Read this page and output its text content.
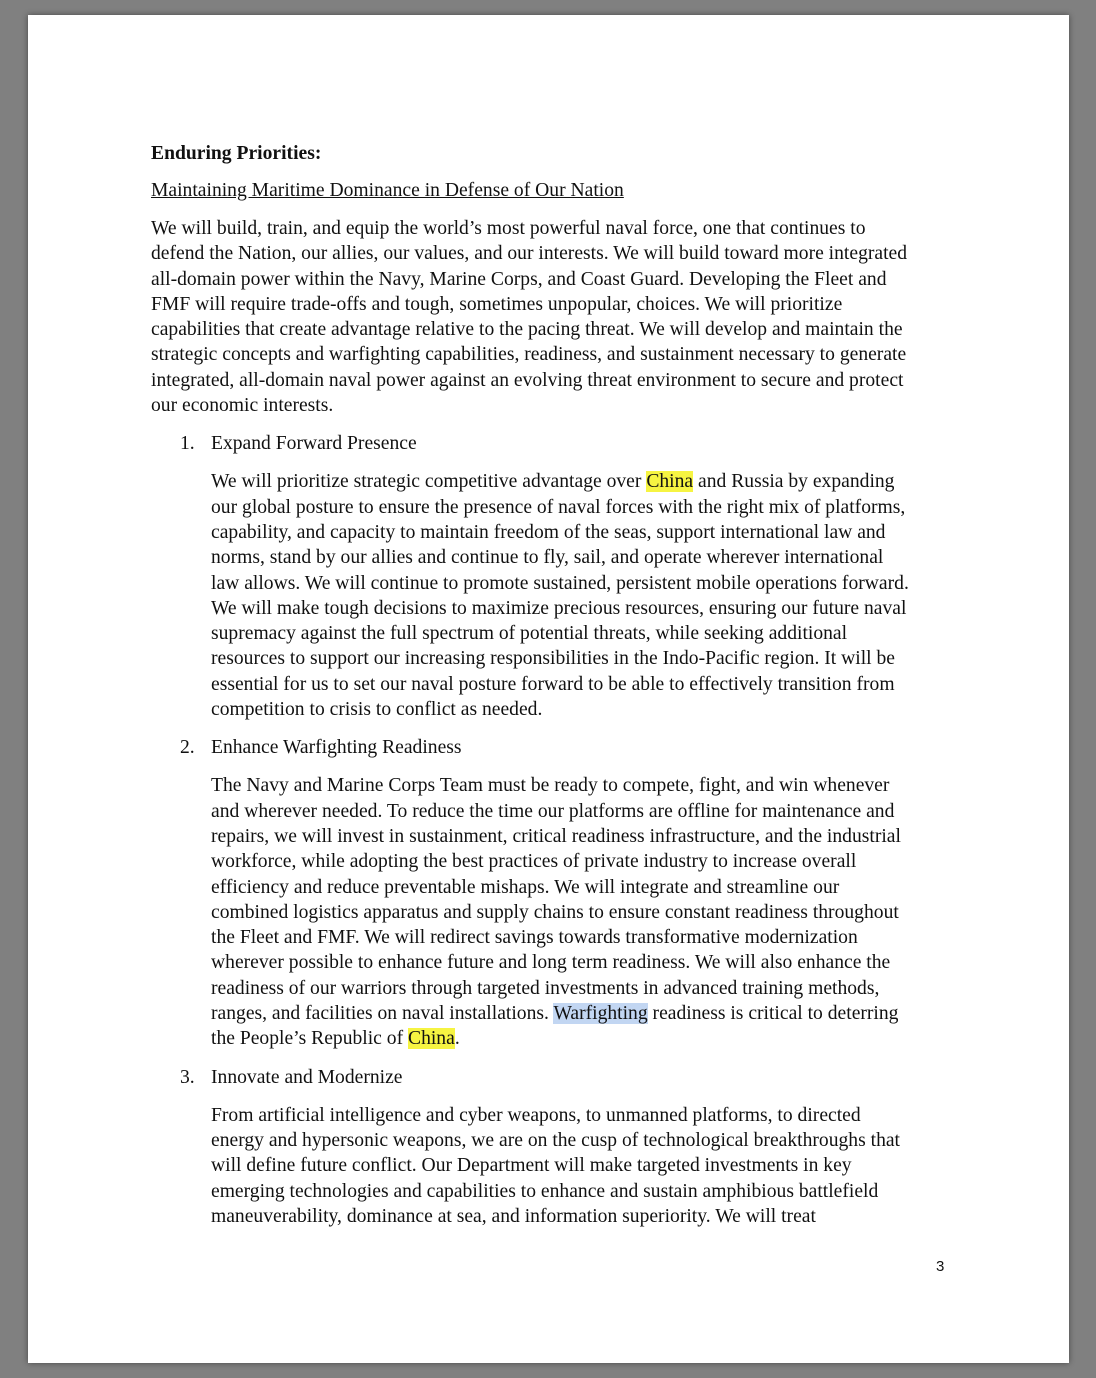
Enduring Priorities:
Maintaining Maritime Dominance in Defense of Our Nation
We will build, train, and equip the world’s most powerful naval force, one that continues to
defend the Nation, our allies, our values, and our interests. We will build toward more integrated
all-domain power within the Navy, Marine Corps, and Coast Guard. Developing the Fleet and
FMF will require trade-offs and tough, sometimes unpopular, choices. We will prioritize
capabilities that create advantage relative to the pacing threat. We will develop and maintain the
strategic concepts and warfighting capabilities, readiness, and sustainment necessary to generate
integrated, all-domain naval power against an evolving threat environment to secure and protect
our economic interests.
1. Expand Forward Presence
We will prioritize strategic competitive advantage over China and Russia by expanding
our global posture to ensure the presence of naval forces with the right mix of platforms,
capability, and capacity to maintain freedom of the seas, support international law and
norms, stand by our allies and continue to fly, sail, and operate wherever international
law allows. We will continue to promote sustained, persistent mobile operations forward.
We will make tough decisions to maximize precious resources, ensuring our future naval
supremacy against the full spectrum of potential threats, while seeking additional
resources to support our increasing responsibilities in the Indo-Pacific region. It will be
essential for us to set our naval posture forward to be able to effectively transition from
competition to crisis to conflict as needed.
2. Enhance Warfighting Readiness
The Navy and Marine Corps Team must be ready to compete, fight, and win whenever
and wherever needed. To reduce the time our platforms are offline for maintenance and
repairs, we will invest in sustainment, critical readiness infrastructure, and the industrial
workforce, while adopting the best practices of private industry to increase overall
efficiency and reduce preventable mishaps. We will integrate and streamline our
combined logistics apparatus and supply chains to ensure constant readiness throughout
the Fleet and FMF. We will redirect savings towards transformative modernization
wherever possible to enhance future and long term readiness. We will also enhance the
readiness of our warriors through targeted investments in advanced training methods,
ranges, and facilities on naval installations. Warfighting readiness is critical to deterring
the People’s Republic of China.
3. Innovate and Modernize
From artificial intelligence and cyber weapons, to unmanned platforms, to directed
energy and hypersonic weapons, we are on the cusp of technological breakthroughs that
will define future conflict. Our Department will make targeted investments in key
emerging technologies and capabilities to enhance and sustain amphibious battlefield
maneuverability, dominance at sea, and information superiority. We will treat
3
